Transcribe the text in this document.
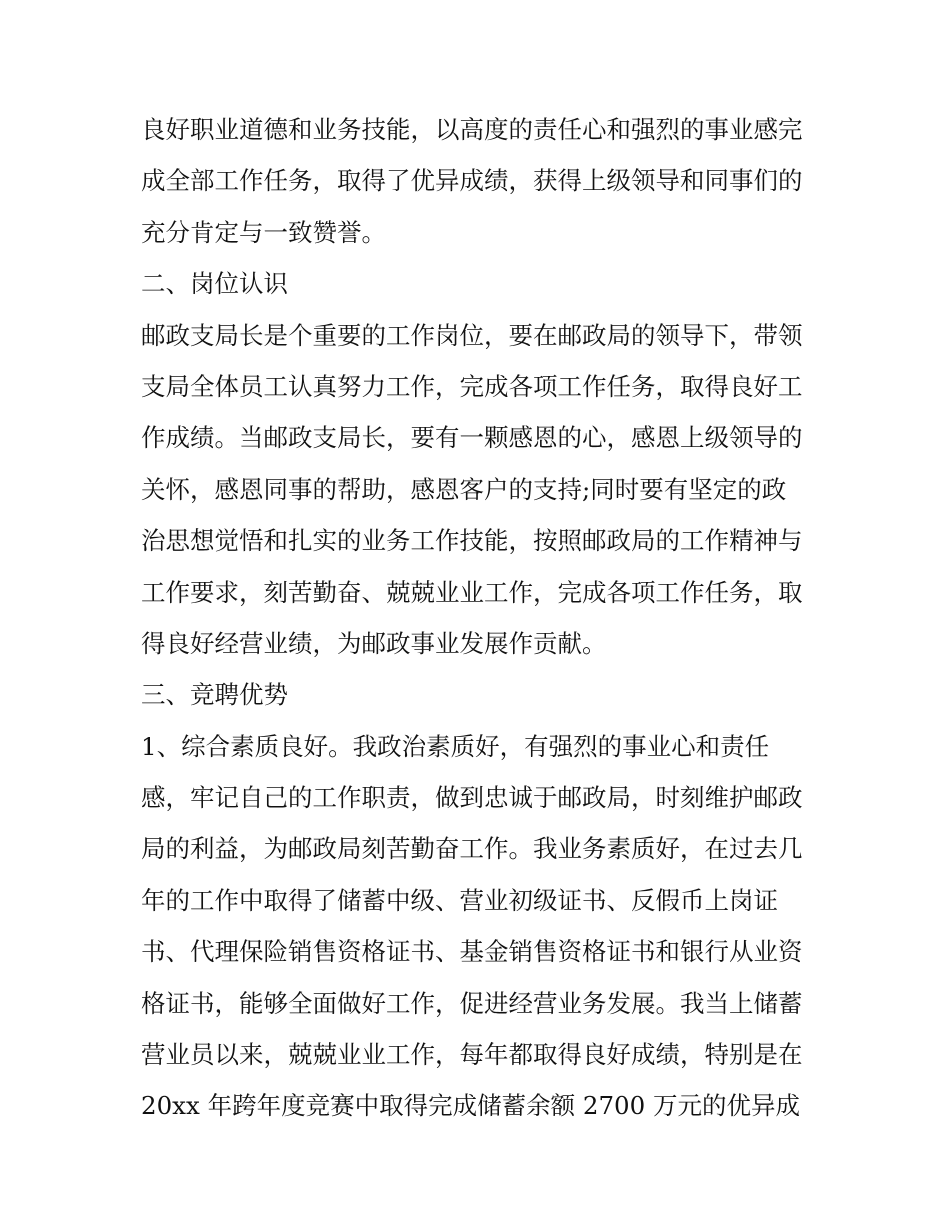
良好职业道德和业务技能，以高度的责任心和强烈的事业感完
成全部工作任务，取得了优异成绩，获得上级领导和同事们的
充分肯定与一致赞誉。
二、岗位认识
邮政支局长是个重要的工作岗位，要在邮政局的领导下，带领
支局全体员工认真努力工作，完成各项工作任务，取得良好工
作成绩。当邮政支局长，要有一颗感恩的心，感恩上级领导的
关怀，感恩同事的帮助，感恩客户的支持;同时要有坚定的政
治思想觉悟和扎实的业务工作技能，按照邮政局的工作精神与
工作要求，刻苦勤奋、兢兢业业工作，完成各项工作任务，取
得良好经营业绩，为邮政事业发展作贡献。
三、竞聘优势
1、综合素质良好。我政治素质好，有强烈的事业心和责任
感，牢记自己的工作职责，做到忠诚于邮政局，时刻维护邮政
局的利益，为邮政局刻苦勤奋工作。我业务素质好，在过去几
年的工作中取得了储蓄中级、营业初级证书、反假币上岗证
书、代理保险销售资格证书、基金销售资格证书和银行从业资
格证书，能够全面做好工作，促进经营业务发展。我当上储蓄
营业员以来，兢兢业业工作，每年都取得良好成绩，特别是在
20xx 年跨年度竞赛中取得完成储蓄余额 2700 万元的优异成
